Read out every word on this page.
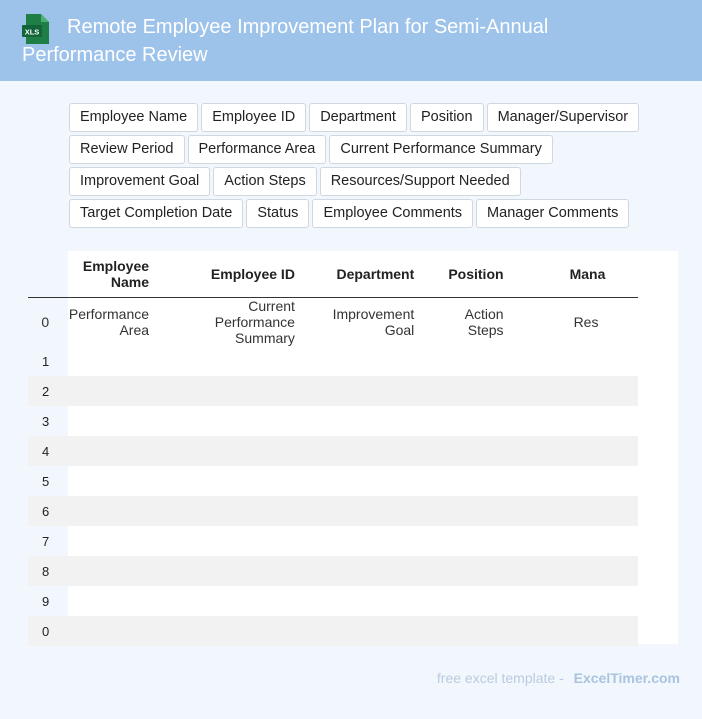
XLS	Remote Employee Improvement Plan for Semi-Annual Performance Review
Employee Name	Employee ID	Department	Position	Manager/Supervisor
Review Period	Performance Area	Current Performance Summary
Improvement Goal	Action Steps	Resources/Support Needed
Target Completion Date	Status	Employee Comments	Manager Comments
	Employee Name	Employee ID	Department	Position	Mana
0	Performance Area	Current Performance Summary	Improvement Goal	Action Steps	Res
1					
2					
3					
4					
5					
6					
7					
8					
9					
0					
free excel template - ExcelTimer.com
